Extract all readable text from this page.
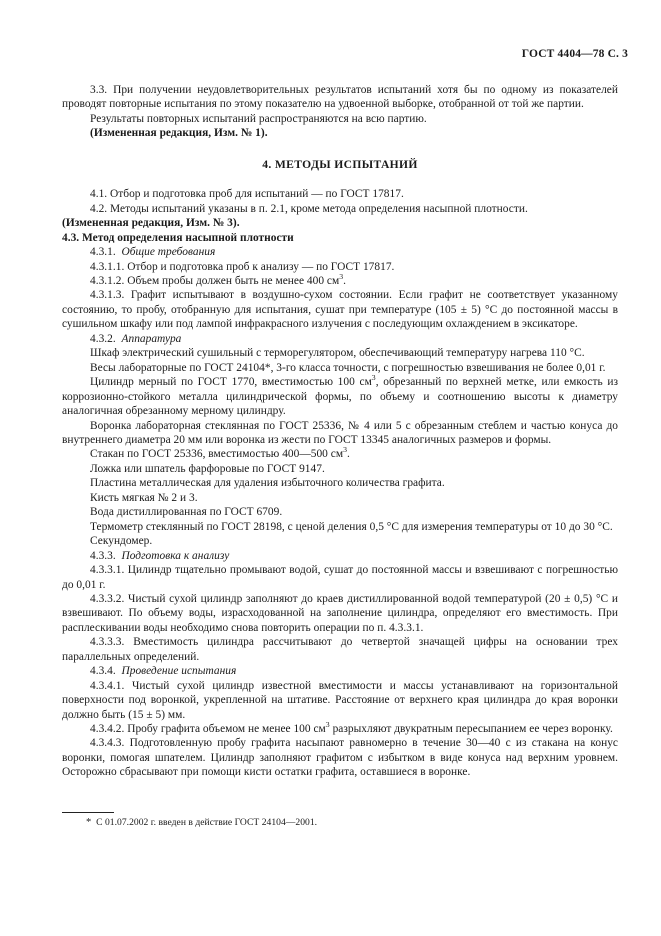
ГОСТ 4404—78 С. 3

3.3. При получении неудовлетворительных результатов испытаний хотя бы по одному из показателей проводят повторные испытания по этому показателю на удвоенной выборке, отобранной от той же партии.

Результаты повторных испытаний распространяются на всю партию.

(Измененная редакция, Изм. № 1).

4. МЕТОДЫ ИСПЫТАНИЙ

4.1. Отбор и подготовка проб для испытаний — по ГОСТ 17817.

4.2. Методы испытаний указаны в п. 2.1, кроме метода определения насыпной плотности.

(Измененная редакция, Изм. № 3).

4.3. Метод определения насыпной плотности

4.3.1. Общие требования

4.3.1.1. Отбор и подготовка проб к анализу — по ГОСТ 17817.

4.3.1.2. Объем пробы должен быть не менее 400 $см^3$.

4.3.1.3. Графит испытывают в воздушно-сухом состоянии. Если графит не соответствует указанному состоянию, то пробу, отобранную для испытания, сушат при температуре (105 ± 5) °С до постоянной массы в сушильном шкафу или под лампой инфракрасного излучения с последующим охлаждением в эксикаторе.

4.3.2. Аппаратура

Шкаф электрический сушильный с терморегулятором, обеспечивающий температуру нагрева 110 °С.

Весы лабораторные по ГОСТ 24104*, 3-го класса точности, с погрешностью взвешивания не более 0,01 г.

Цилиндр мерный по ГОСТ 1770, вместимостью 100 $см^3$, обрезанный по верхней метке, или емкость из коррозионно-стойкого металла цилиндрической формы, по объему и соотношению высоты к диаметру аналогичная обрезанному мерному цилиндру.

Воронка лабораторная стеклянная по ГОСТ 25336, № 4 или 5 с обрезанным стеблем и частью конуса до внутреннего диаметра 20 мм или воронка из жести по ГОСТ 13345 аналогичных размеров и формы.

Стакан по ГОСТ 25336, вместимостью 400—500 $см^3$.

Ложка или шпатель фарфоровые по ГОСТ 9147.

Пластина металлическая для удаления избыточного количества графита.

Кисть мягкая № 2 и 3.

Вода дистиллированная по ГОСТ 6709.

Термометр стеклянный по ГОСТ 28198, с ценой деления 0,5 °С для измерения температуры от 10 до 30 °С.

Секундомер.

4.3.3. Подготовка к анализу

4.3.3.1. Цилиндр тщательно промывают водой, сушат до постоянной массы и взвешивают с погрешностью до 0,01 г.

4.3.3.2. Чистый сухой цилиндр заполняют до краев дистиллированной водой температурой (20 ± 0,5) °С и взвешивают. По объему воды, израсходованной на заполнение цилиндра, определяют его вместимость. При расплескивании воды необходимо снова повторить операции по п. 4.3.3.1.

4.3.3.3. Вместимость цилиндра рассчитывают до четвертой значащей цифры на основании трех параллельных определений.

4.3.4. Проведение испытания

4.3.4.1. Чистый сухой цилиндр известной вместимости и массы устанавливают на горизонтальной поверхности под воронкой, укрепленной на штативе. Расстояние от верхнего края цилиндра до края воронки должно быть (15 ± 5) мм.

4.3.4.2. Пробу графита объемом не менее 100 $см^3$ разрыхляют двукратным пересыпанием ее через воронку.

4.3.4.3. Подготовленную пробу графита насыпают равномерно в течение 30—40 с из стакана на конус воронки, помогая шпателем. Цилиндр заполняют графитом с избытком в виде конуса над верхним уровнем. Осторожно сбрасывают при помощи кисти остатки графита, оставшиеся в воронке.

* С 01.07.2002 г. введен в действие ГОСТ 24104—2001.
